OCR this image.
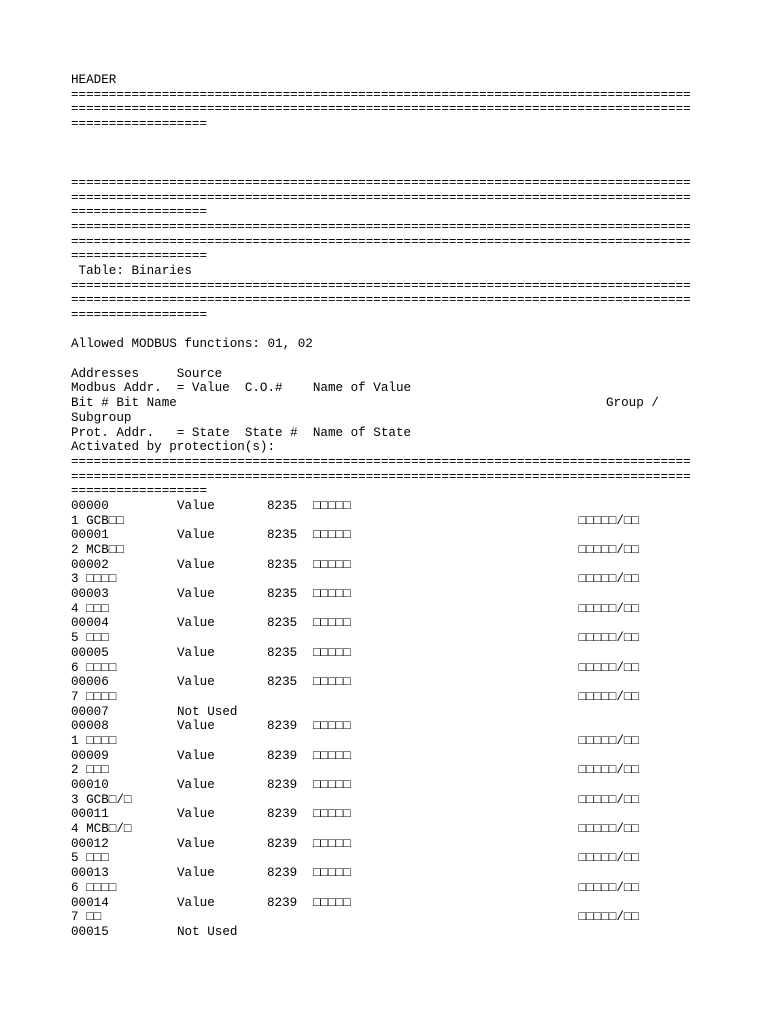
HEADER
==================================================================================
==================================================================================
==================

==================================================================================
==================================================================================
==================
==================================================================================
==================================================================================
==================
Table: Binaries
==================================================================================
==================================================================================
==================
Allowed MODBUS functions: 01, 02
Addresses     Source
Modbus Addr.  = Value  C.O.#    Name of Value

Bit # Bit Name

	Group /

Subgroup
Prot. Addr.   = State  State #  Name of State
Activated by protection(s):
==================================================================================
==================================================================================
==================
00000	Value	8235 □□□□□
1 GCB□□	□□□□□/□□
00001	Value	8235 □□□□□
2 MCB□□	□□□□□/□□
00002	Value	8235 □□□□□
3 □□□□	□□□□□/□□
00003	Value	8235 □□□□□
4 □□□	□□□□□/□□
00004	Value	8235 □□□□□
5 □□□	□□□□□/□□
00005	Value	8235 □□□□□
6 □□□□	□□□□□/□□
00006	Value	8235 □□□□□
7 □□□□	□□□□□/□□
00007	Not Used
00008	Value	8239 □□□□□
1 □□□□	□□□□□/□□
00009	Value	8239 □□□□□
2 □□□	□□□□□/□□
00010	Value	8239 □□□□□
3 GCB□/□	□□□□□/□□
00011	Value	8239 □□□□□
4 MCB□/□	□□□□□/□□
00012	Value	8239 □□□□□
5 □□□	□□□□□/□□
00013	Value	8239 □□□□□
6 □□□□	□□□□□/□□
00014	Value	8239 □□□□□
7 □□	□□□□□/□□
00015	Not Used
